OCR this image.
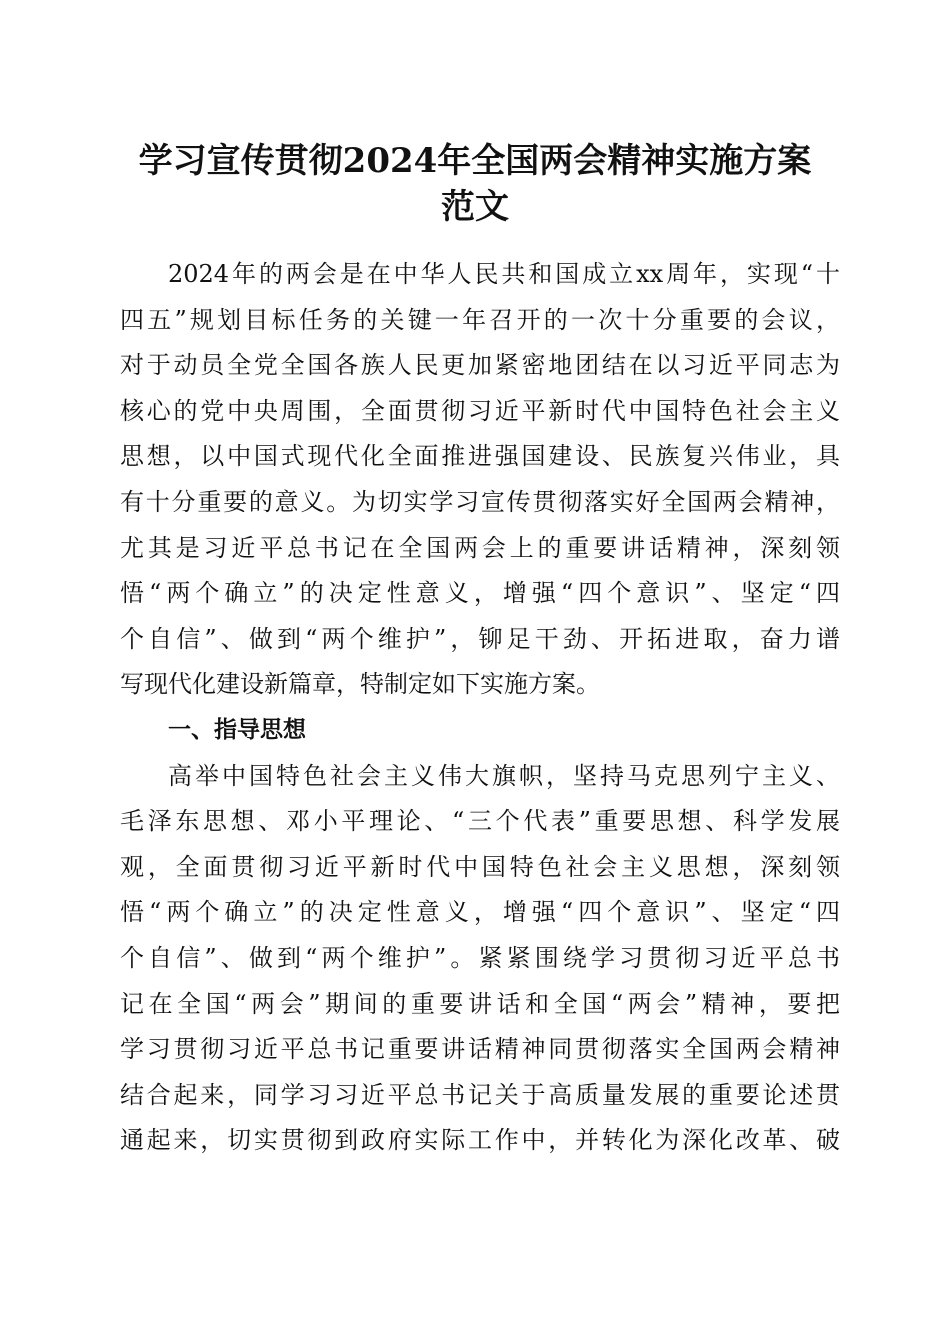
学习宣传贯彻2024年全国两会精神实施方案
范文
2024年的两会是在中华人民共和国成立xx周年，实现“十
四五”规划目标任务的关键一年召开的一次十分重要的会议，
对于动员全党全国各族人民更加紧密地团结在以习近平同志为
核心的党中央周围，全面贯彻习近平新时代中国特色社会主义
思想，以中国式现代化全面推进强国建设、民族复兴伟业，具
有十分重要的意义。为切实学习宣传贯彻落实好全国两会精神，
尤其是习近平总书记在全国两会上的重要讲话精神，深刻领
悟“两个确立”的决定性意义，增强“四个意识”、坚定“四
个自信”、做到“两个维护”，铆足干劲、开拓进取，奋力谱
写现代化建设新篇章，特制定如下实施方案。
一、指导思想
高举中国特色社会主义伟大旗帜，坚持马克思列宁主义、
毛泽东思想、邓小平理论、“三个代表”重要思想、科学发展
观，全面贯彻习近平新时代中国特色社会主义思想，深刻领
悟“两个确立”的决定性意义，增强“四个意识”、坚定“四
个自信”、做到“两个维护”。紧紧围绕学习贯彻习近平总书
记在全国“两会”期间的重要讲话和全国“两会”精神，要把
学习贯彻习近平总书记重要讲话精神同贯彻落实全国两会精神
结合起来，同学习习近平总书记关于高质量发展的重要论述贯
通起来，切实贯彻到政府实际工作中，并转化为深化改革、破
